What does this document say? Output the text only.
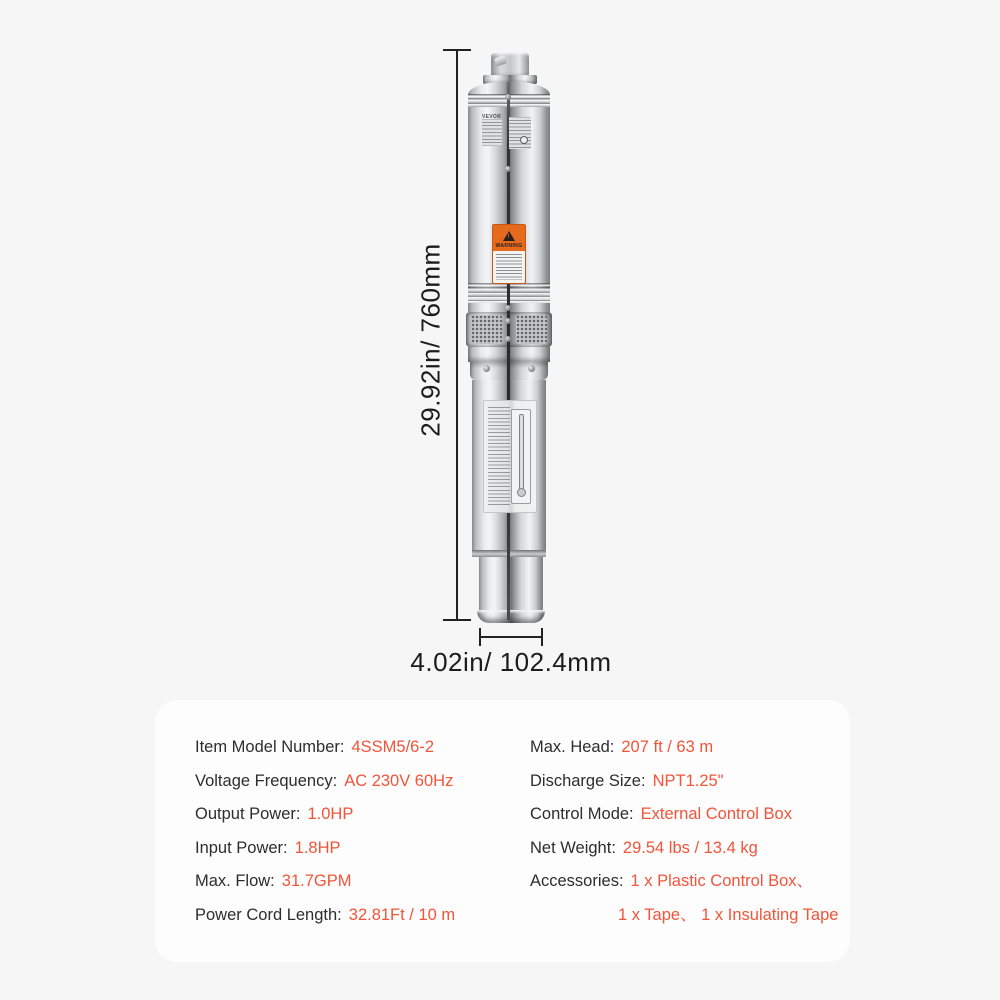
VEVOR
!
WARNING
29.92in/ 760mm
4.02in/ 102.4mm
Item Model Number: 4SSM5/6-2
Voltage Frequency: AC 230V 60Hz
Output Power: 1.0HP
Input Power: 1.8HP
Max. Flow: 31.7GPM
Power Cord Length: 32.81Ft / 10 m
Max. Head: 207 ft / 63 m
Discharge Size: NPT1.25"
Control Mode: External Control Box
Net Weight: 29.54 lbs / 13.4 kg
Accessories: 1 x Plastic Control Box、
1 x Tape、 1 x Insulating Tape
